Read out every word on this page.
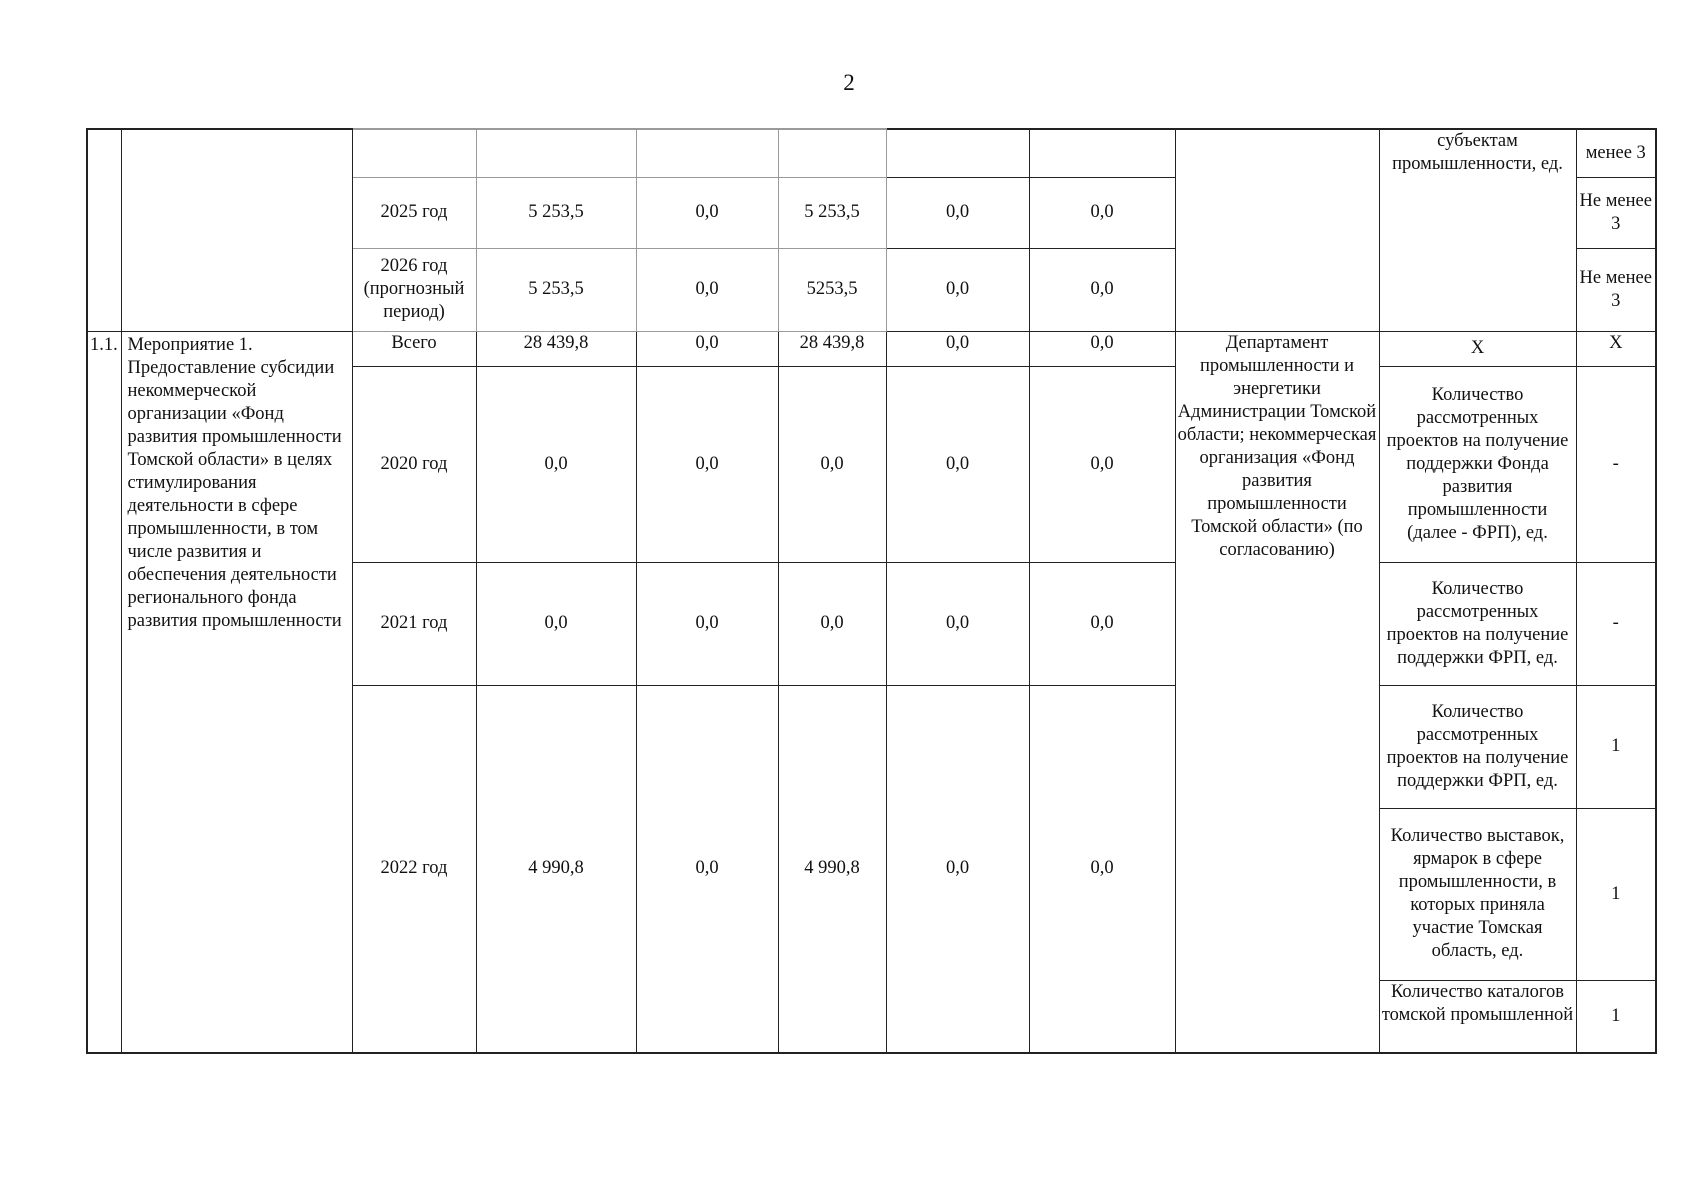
2
									субъектам промышленности, ед.	менее 3
		2025 год	5 253,5	0,0	5 253,5	0,0	0,0			Не менее 3
		2026 год (прогнозный период)	5 253,5	0,0	5253,5	0,0	0,0			Не менее 3
1.1.	Мероприятие 1. Предоставление субсидии некоммерческой организации «Фонд развития промышленности Томской области» в целях стимулирования деятельности в сфере промышленности, в том числе развития и обеспечения деятельности регионального фонда развития промышленности	Всего	28 439,8	0,0	28 439,8	0,0	0,0	Департамент промышленности и энергетики Администрации Томской области; некоммерческая организация «Фонд развития промышленности Томской области» (по согласованию)	X	X
		2020 год	0,0	0,0	0,0	0,0	0,0		Количество рассмотренных проектов на получение поддержки Фонда развития промышленности (далее - ФРП), ед.	-
		2021 год	0,0	0,0	0,0	0,0	0,0		Количество рассмотренных проектов на получение поддержки ФРП, ед.	-
		2022 год	4 990,8	0,0	4 990,8	0,0	0,0		Количество рассмотренных проектов на получение поддержки ФРП, ед.	1
									Количество выставок, ярмарок в сфере промышленности, в которых приняла участие Томская область, ед.	1
									Количество каталогов томской промышленной	1
